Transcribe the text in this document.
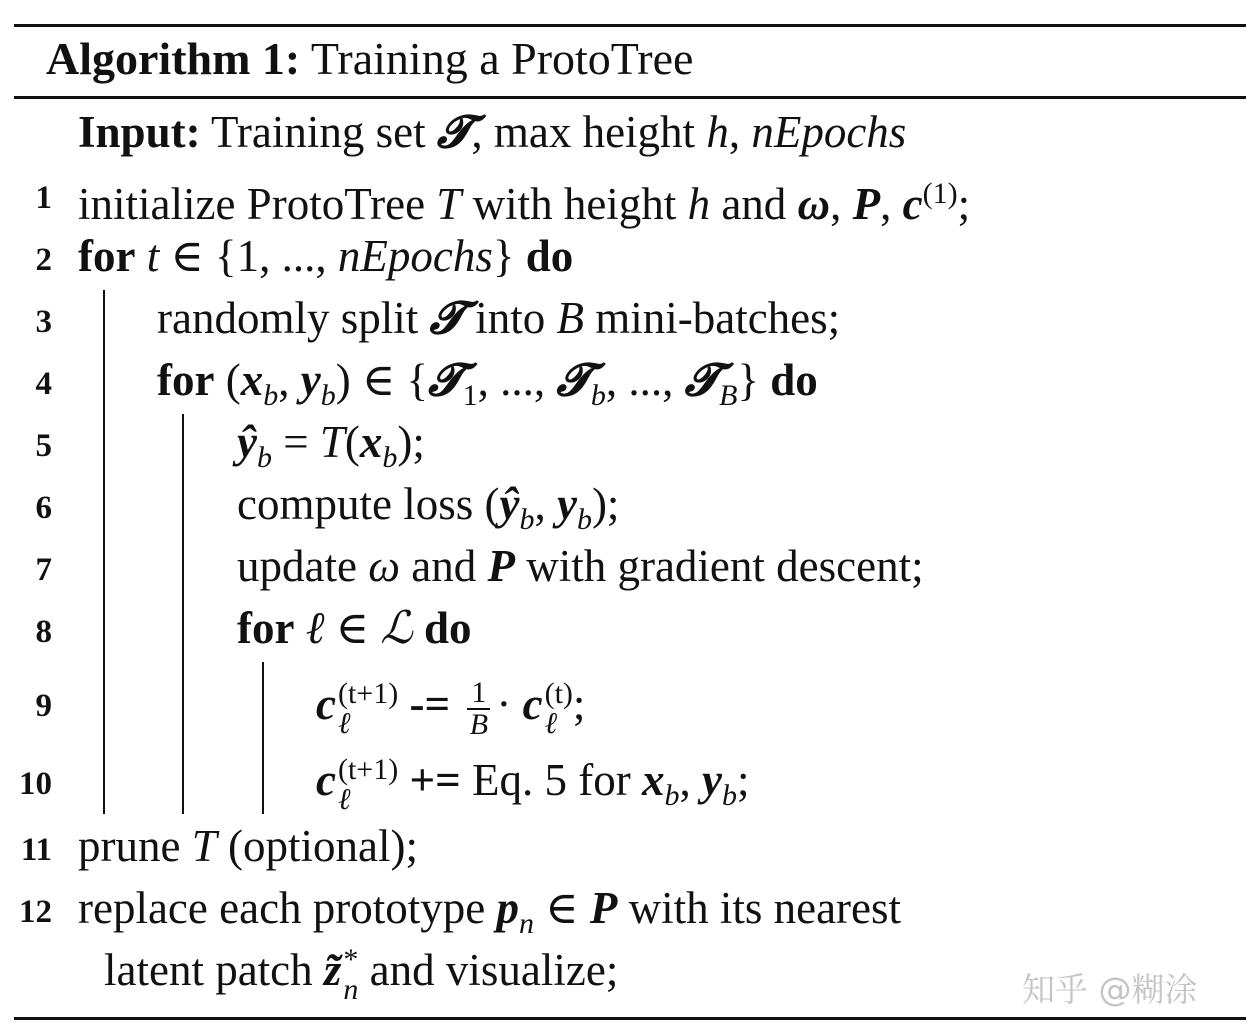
Algorithm 1: Training a ProtoTree
Input: Training set 𝓣, max height h, nEpochs
1
2
3
4
5
6
7
8
9
10
11
12
initialize ProtoTree T with height h and ω, P, $c^{(1)}$;
for t ∈ {1, ..., nEpochs} do
randomly split 𝓣 into B mini-batches;
for ($x_b$, $y_b$) ∈ {𝓣$_1$, ..., 𝓣$_b$, ..., 𝓣$_B$} do
$ŷ_b = T(x_b)$;
compute loss ($ŷ_b$, $y_b$);
update ω and P with gradient descent;
for ℓ ∈ ℒ do
c (t+1)
ℓ -= $\frac{1}{B} \cdot c$ (t)
ℓ ;
c (t+1)
ℓ += Eq. 5 for $x_b$, $y_b$;
prune T (optional);
replace each prototype $p_n$ ∈ P with its nearest
latent patch z̃ *
n and visualize;	知乎 @糊涂
